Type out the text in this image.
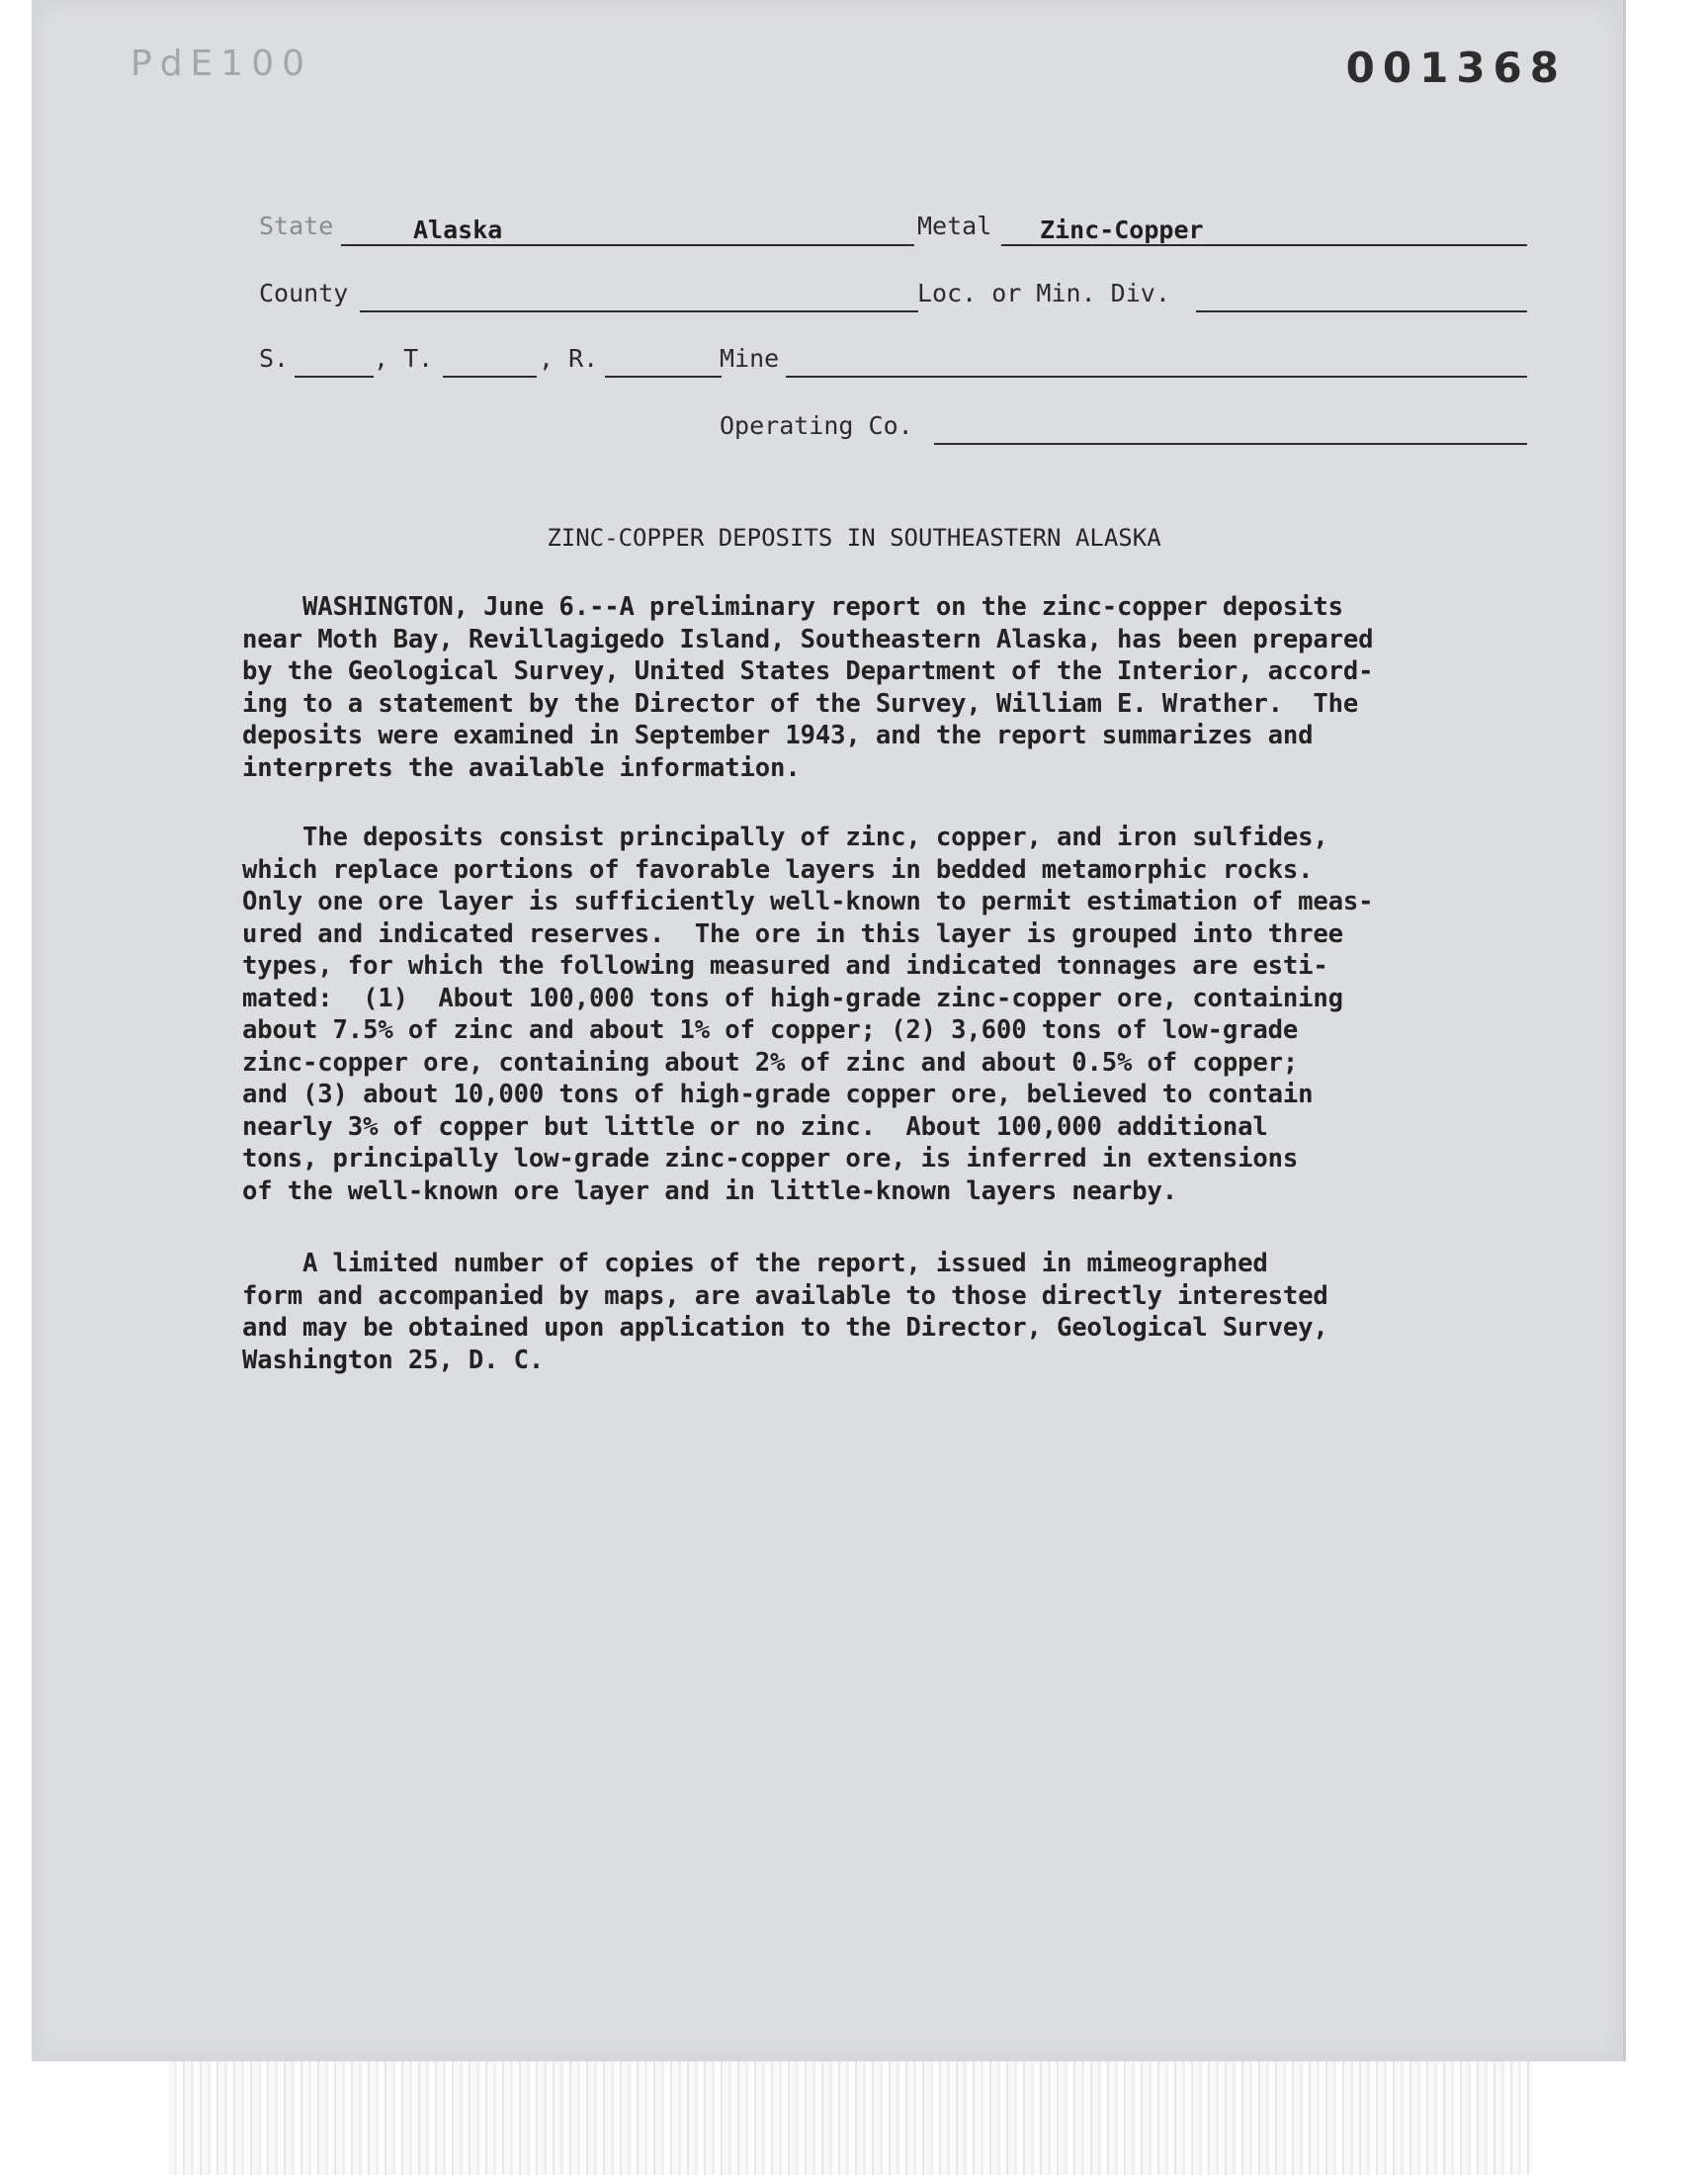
PdE100	001368
State	Alaska	Metal Zinc-Copper
County	Loc. or Min. Div.
S.	, T.	, R.	Mine
Operating Co.
ZINC-COPPER DEPOSITS IN SOUTHEASTERN ALASKA
WASHINGTON, June 6.--A preliminary report on the zinc-copper deposits
near Moth Bay, Revillagigedo Island, Southeastern Alaska, has been prepared
by the Geological Survey, United States Department of the Interior, accord-
ing to a statement by the Director of the Survey, William E. Wrather.  The
deposits were examined in September 1943, and the report summarizes and
interprets the available information.
The deposits consist principally of zinc, copper, and iron sulfides,
which replace portions of favorable layers in bedded metamorphic rocks.
Only one ore layer is sufficiently well-known to permit estimation of meas-
ured and indicated reserves.  The ore in this layer is grouped into three
types, for which the following measured and indicated tonnages are esti-
mated:  (1)  About 100,000 tons of high-grade zinc-copper ore, containing
about 7.5% of zinc and about 1% of copper; (2) 3,600 tons of low-grade
zinc-copper ore, containing about 2% of zinc and about 0.5% of copper;
and (3) about 10,000 tons of high-grade copper ore, believed to contain
nearly 3% of copper but little or no zinc.  About 100,000 additional
tons, principally low-grade zinc-copper ore, is inferred in extensions
of the well-known ore layer and in little-known layers nearby.
A limited number of copies of the report, issued in mimeographed
form and accompanied by maps, are available to those directly interested
and may be obtained upon application to the Director, Geological Survey,
Washington 25, D. C.
